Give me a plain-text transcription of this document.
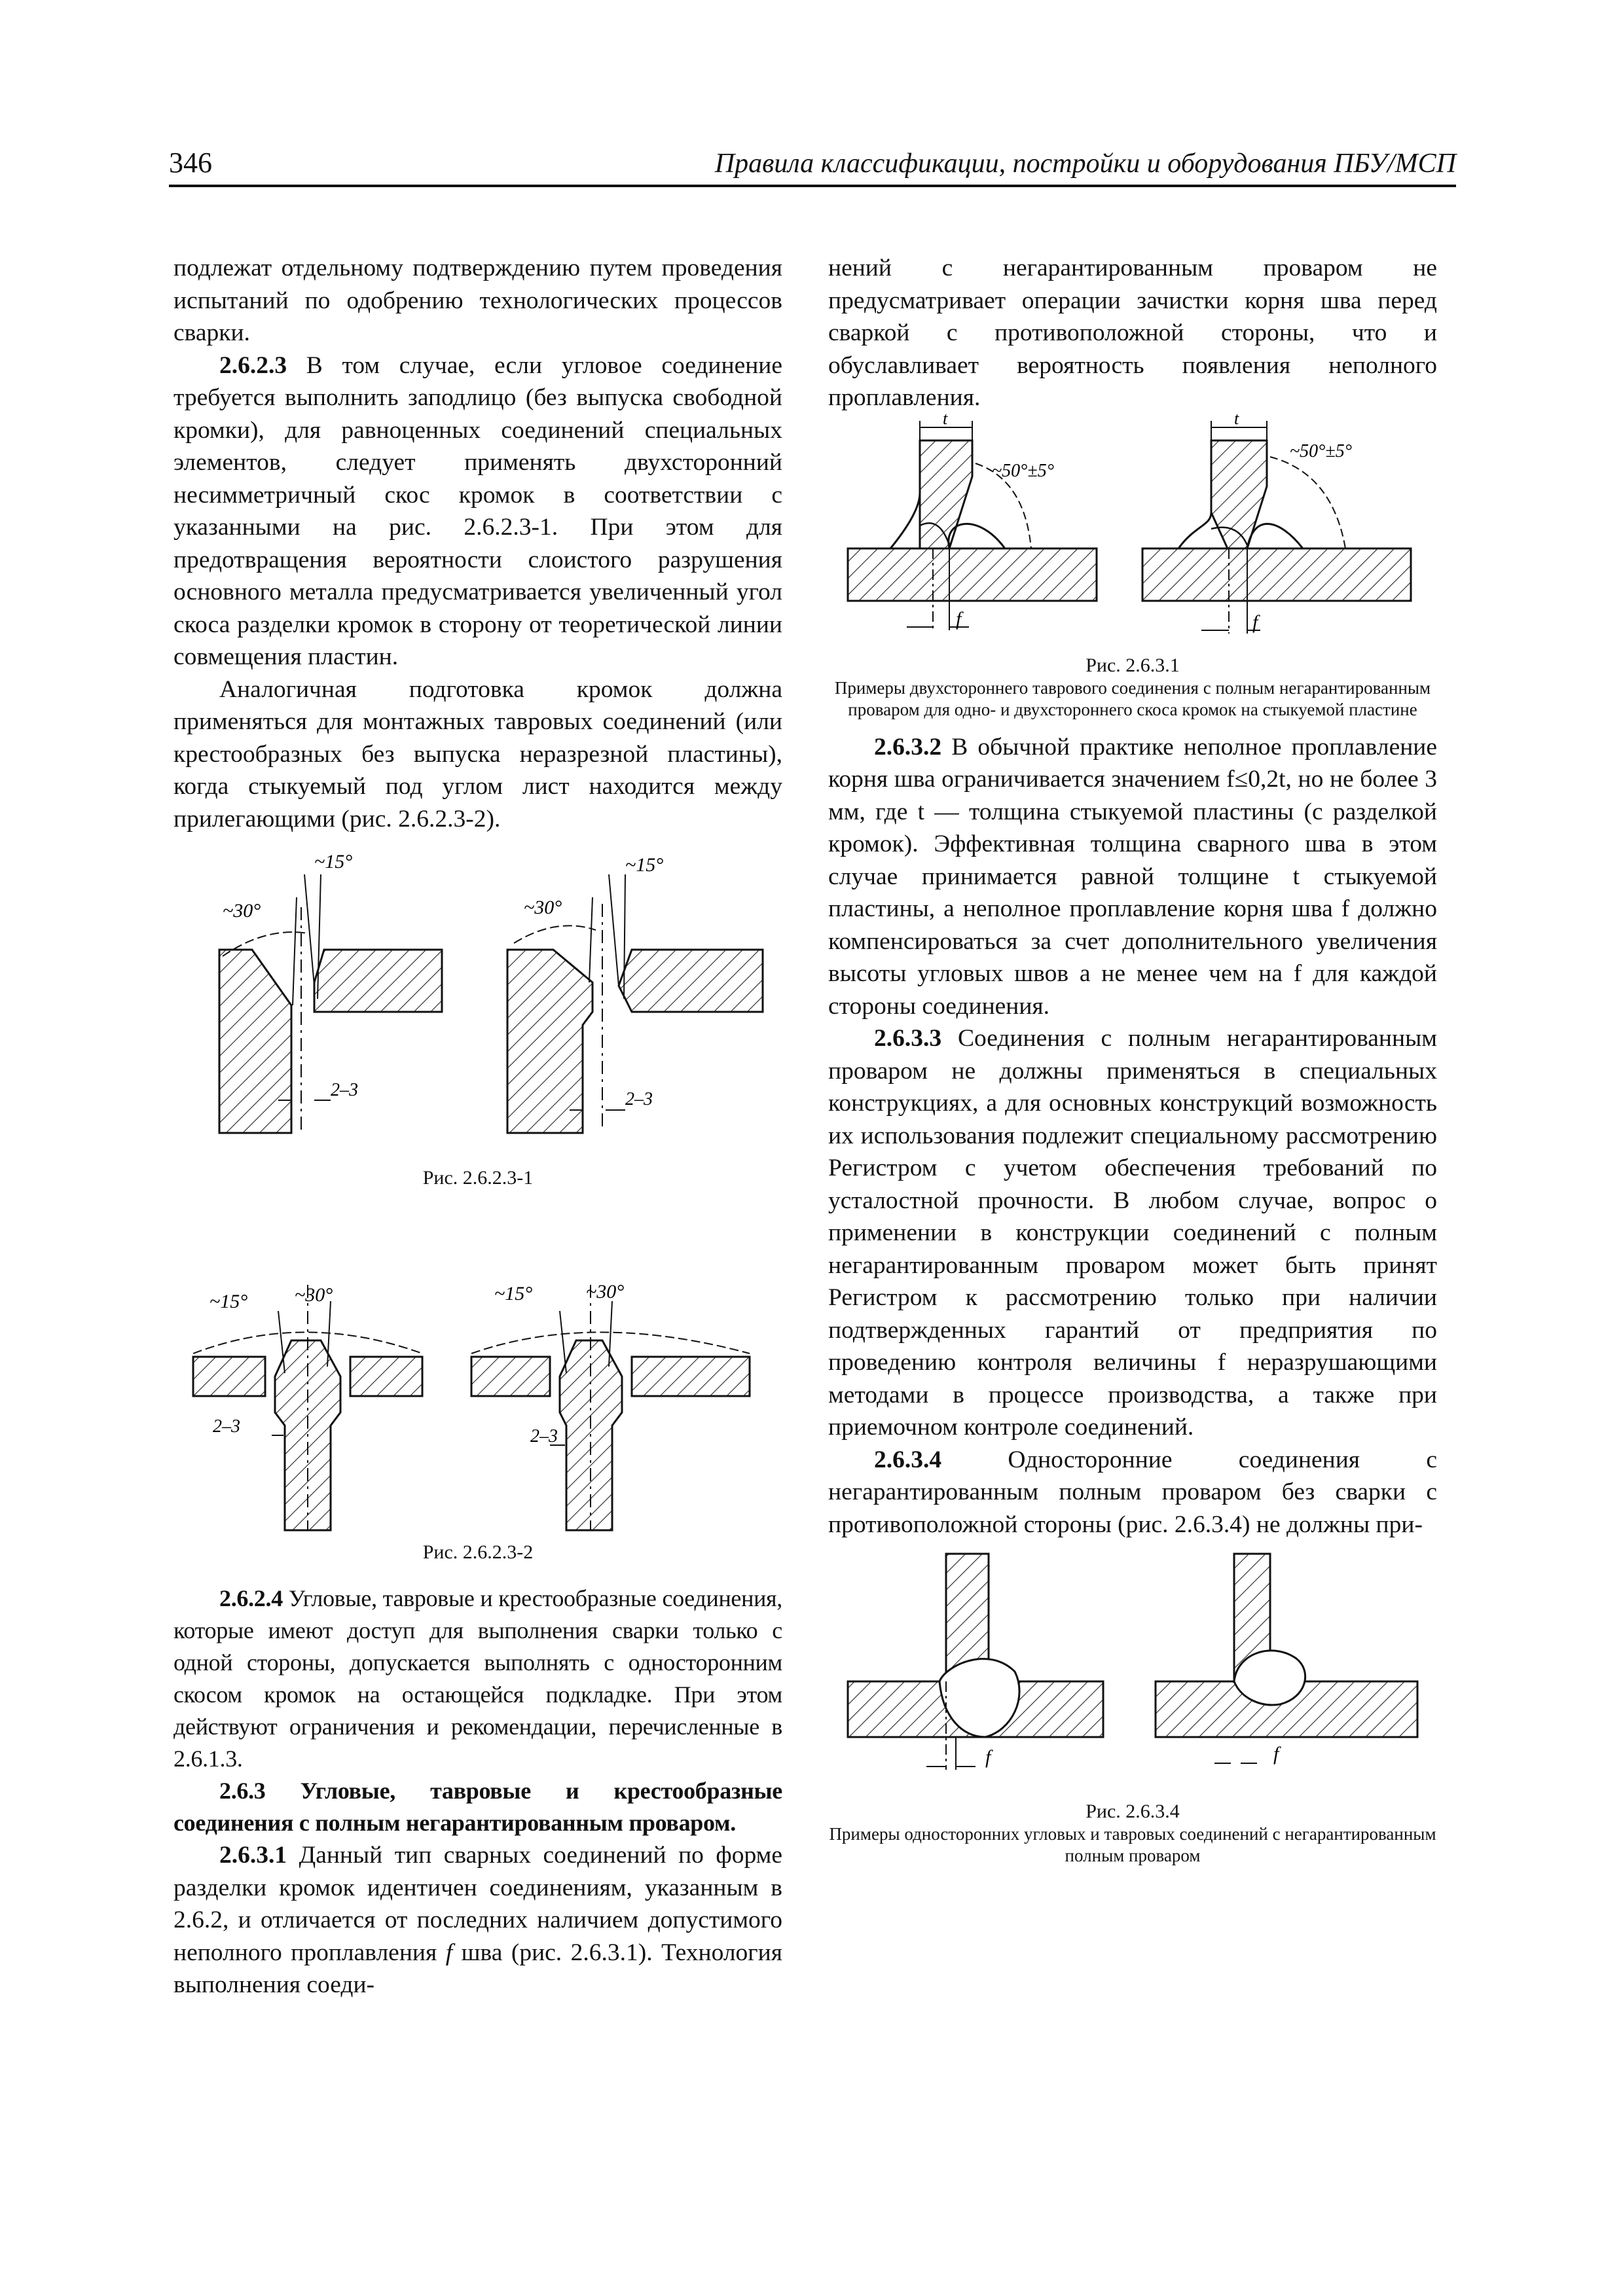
346	Правила классификации, постройки и оборудования ПБУ/МСП

подлежат отдельному подтверждению путем проведения испытаний по одобрению технологических процессов сварки.

2.6.2.3 В том случае, если угловое соединение требуется выполнить заподлицо (без выпуска свободной кромки), для равноценных соединений специальных элементов, следует применять двухсторонний несимметричный скос кромок в соответствии с указанными на рис. 2.6.2.3-1. При этом для предотвращения вероятности слоистого разрушения основного металла предусматривается увеличенный угол скоса разделки кромок в сторону от теоретической линии совмещения пластин.

Аналогичная подготовка кромок должна применяться для монтажных тавровых соединений (или крестообразных без выпуска неразрезной пластины), когда стыкуемый под углом лист находится между прилегающими (рис. 2.6.2.3-2).

~30°
~15°
2–3
~30°
~15°
2–3
Рис. 2.6.2.3-1
~15° ~30°
2–3
~15°	~30°
2–3
Рис. 2.6.2.3-2

2.6.2.4 Угловые, тавровые и крестообразные соединения, которые имеют доступ для выполнения сварки только с одной стороны, допускается выполнять с односторонним скосом кромок на остающейся подкладке. При этом действуют ограничения и рекомендации, перечисленные в 2.6.1.3.

2.6.3 Угловые, тавровые и крестообразные соединения с полным негарантированным проваром.

2.6.3.1 Данный тип сварных соединений по форме разделки кромок идентичен соединениям, указанным в 2.6.2, и отличается от последних наличием допустимого неполного проплавления f шва (рис. 2.6.3.1). Технология выполнения соеди-

нений с негарантированным проваром не предусматривает операции зачистки корня шва перед сваркой с противоположной стороны, что и обуславливает вероятность появления неполного проплавления.

t
~50°±5°
f
t
~50°±5°
f
Рис. 2.6.3.1
Примеры двухстороннего таврового соединения с полным негарантированным проваром для одно- и двухстороннего скоса кромок на стыкуемой пластине

2.6.3.2 В обычной практике неполное проплавление корня шва ограничивается значением f≤0,2t, но не более 3 мм, где t — толщина стыкуемой пластины (с разделкой кромок). Эффективная толщина сварного шва в этом случае принимается равной толщине t стыкуемой пластины, а неполное проплавление корня шва f должно компенсироваться за счет дополнительного увеличения высоты угловых швов a не менее чем на f для каждой стороны соединения.

2.6.3.3 Соединения с полным негарантированным проваром не должны применяться в специальных конструкциях, а для основных конструкций возможность их использования подлежит специальному рассмотрению Регистром с учетом обеспечения требований по усталостной прочности. В любом случае, вопрос о применении в конструкции соединений с полным негарантированным проваром может быть принят Регистром к рассмотрению только при наличии подтвержденных гарантий от предприятия по проведению контроля величины f неразрушающими методами в процессе производства, а также при приемочном контроле соединений.

2.6.3.4 Односторонние соединения с негарантированным полным проваром без сварки с противоположной стороны (рис. 2.6.3.4) не должны при-

f	f
Рис. 2.6.3.4
Примеры односторонних угловых и тавровых соединений с негарантированным полным проваром
